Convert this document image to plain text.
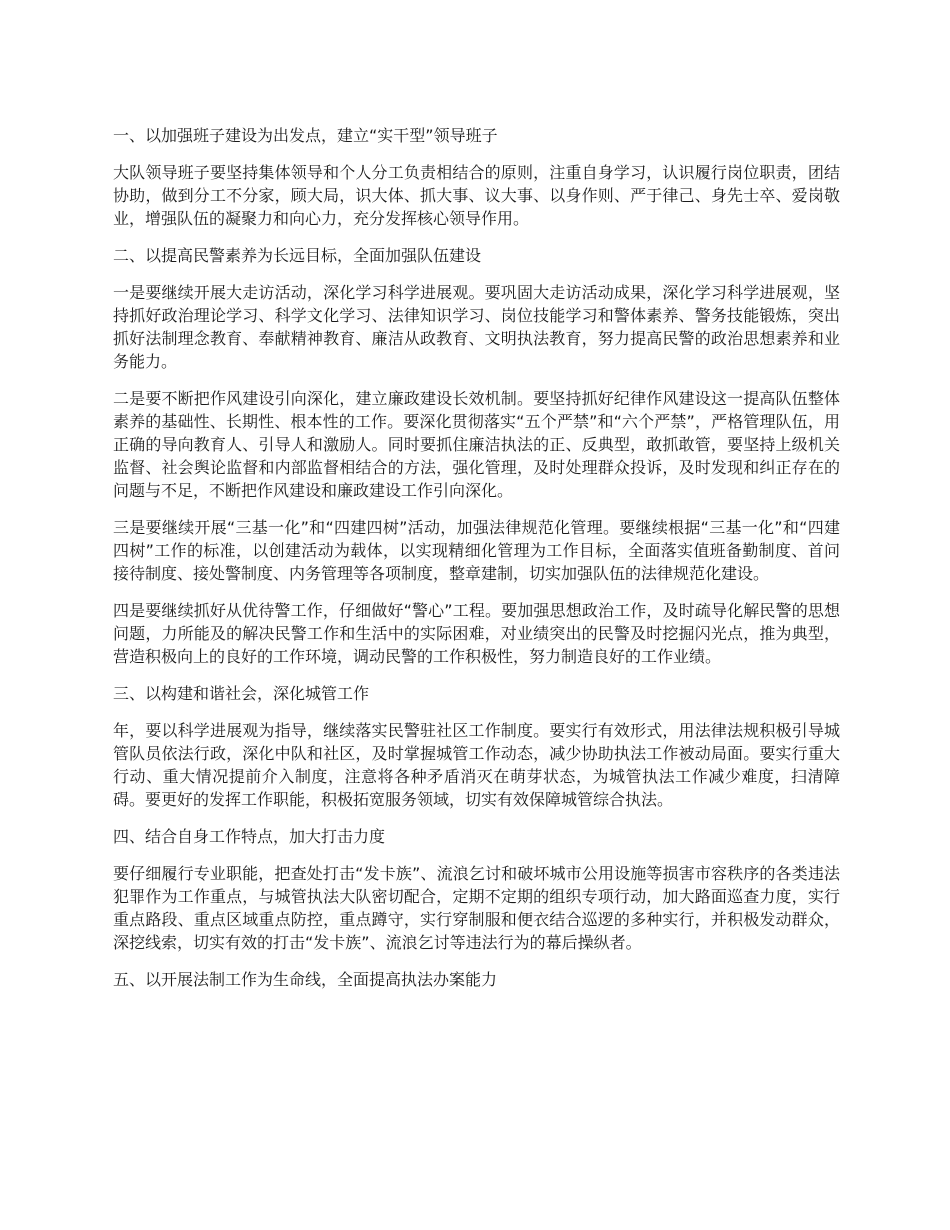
一、以加强班子建设为出发点，建立“实干型”领导班子

大队领导班子要坚持集体领导和个人分工负责相结合的原则，注重自身学习，认识履行岗位职责，团结协助，做到分工不分家，顾大局，识大体、抓大事、议大事、以身作则、严于律己、身先士卒、爱岗敬业，增强队伍的凝聚力和向心力，充分发挥核心领导作用。

二、以提高民警素养为长远目标，全面加强队伍建设

一是要继续开展大走访活动，深化学习科学进展观。要巩固大走访活动成果，深化学习科学进展观，坚持抓好政治理论学习、科学文化学习、法律知识学习、岗位技能学习和警体素养、警务技能锻炼，突出抓好法制理念教育、奉献精神教育、廉洁从政教育、文明执法教育，努力提高民警的政治思想素养和业务能力。

二是要不断把作风建设引向深化，建立廉政建设长效机制。要坚持抓好纪律作风建设这一提高队伍整体素养的基础性、长期性、根本性的工作。要深化贯彻落实“五个严禁”和“六个严禁”，严格管理队伍，用正确的导向教育人、引导人和激励人。同时要抓住廉洁执法的正、反典型，敢抓敢管，要坚持上级机关监督、社会舆论监督和内部监督相结合的方法，强化管理，及时处理群众投诉，及时发现和纠正存在的问题与不足，不断把作风建设和廉政建设工作引向深化。

三是要继续开展“三基一化”和“四建四树”活动，加强法律规范化管理。要继续根据“三基一化”和“四建四树”工作的标准，以创建活动为载体，以实现精细化管理为工作目标，全面落实值班备勤制度、首问接待制度、接处警制度、内务管理等各项制度，整章建制，切实加强队伍的法律规范化建设。

四是要继续抓好从优待警工作，仔细做好“警心”工程。要加强思想政治工作，及时疏导化解民警的思想问题，力所能及的解决民警工作和生活中的实际困难，对业绩突出的民警及时挖掘闪光点，推为典型，营造积极向上的良好的工作环境，调动民警的工作积极性，努力制造良好的工作业绩。

三、以构建和谐社会，深化城管工作

年，要以科学进展观为指导，继续落实民警驻社区工作制度。要实行有效形式，用法律法规积极引导城管队员依法行政，深化中队和社区，及时掌握城管工作动态，减少协助执法工作被动局面。要实行重大行动、重大情况提前介入制度，注意将各种矛盾消灭在萌芽状态，为城管执法工作减少难度，扫清障碍。要更好的发挥工作职能，积极拓宽服务领域，切实有效保障城管综合执法。

四、结合自身工作特点，加大打击力度

要仔细履行专业职能，把查处打击“发卡族”、流浪乞讨和破坏城市公用设施等损害市容秩序的各类违法犯罪作为工作重点，与城管执法大队密切配合，定期不定期的组织专项行动，加大路面巡查力度，实行重点路段、重点区域重点防控，重点蹲守，实行穿制服和便衣结合巡逻的多种实行，并积极发动群众，深挖线索，切实有效的打击“发卡族”、流浪乞讨等违法行为的幕后操纵者。

五、以开展法制工作为生命线，全面提高执法办案能力
